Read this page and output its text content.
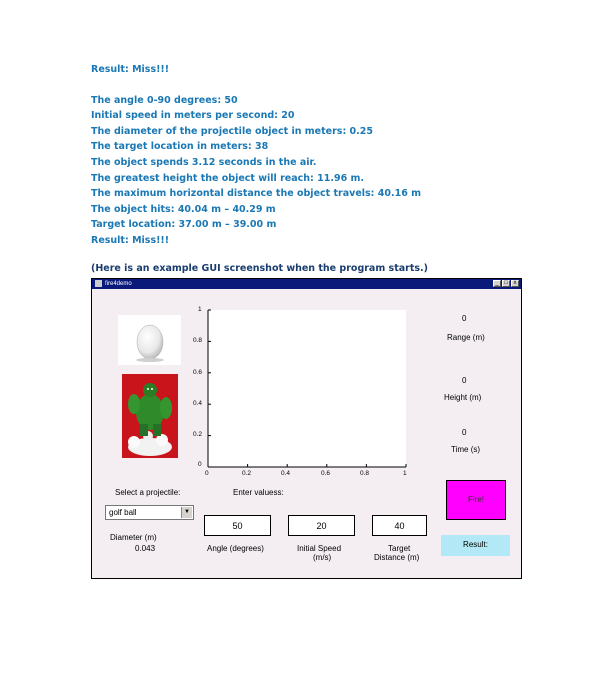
Result: Miss!!!
The angle 0-90 degrees: 50
Initial speed in meters per second: 20
The diameter of the projectile object in meters: 0.25
The target location in meters: 38
The object spends 3.12 seconds in the air.
The greatest height the object will reach: 11.96 m.
The maximum horizontal distance the object travels: 40.16 m
The object hits: 40.04 m – 40.29 m
Target location: 37.00 m – 39.00 m
Result: Miss!!!
(Here is an example GUI screenshot when the program starts.)
fire4demo	_ □ x
1
0.8
0.6
0.4
0.2
0
0	0.2	0.4	0.6	0.8	1
0
Range (m)
0
Height (m)
0
Time (s)
Select a projectile:	Enter valuess:
golf ball	▼
Diameter (m)
0.043
50	Angle (degrees)
20	Initial Speed
(m/s)
40
Target
Distance (m)
Fire!
Result:
